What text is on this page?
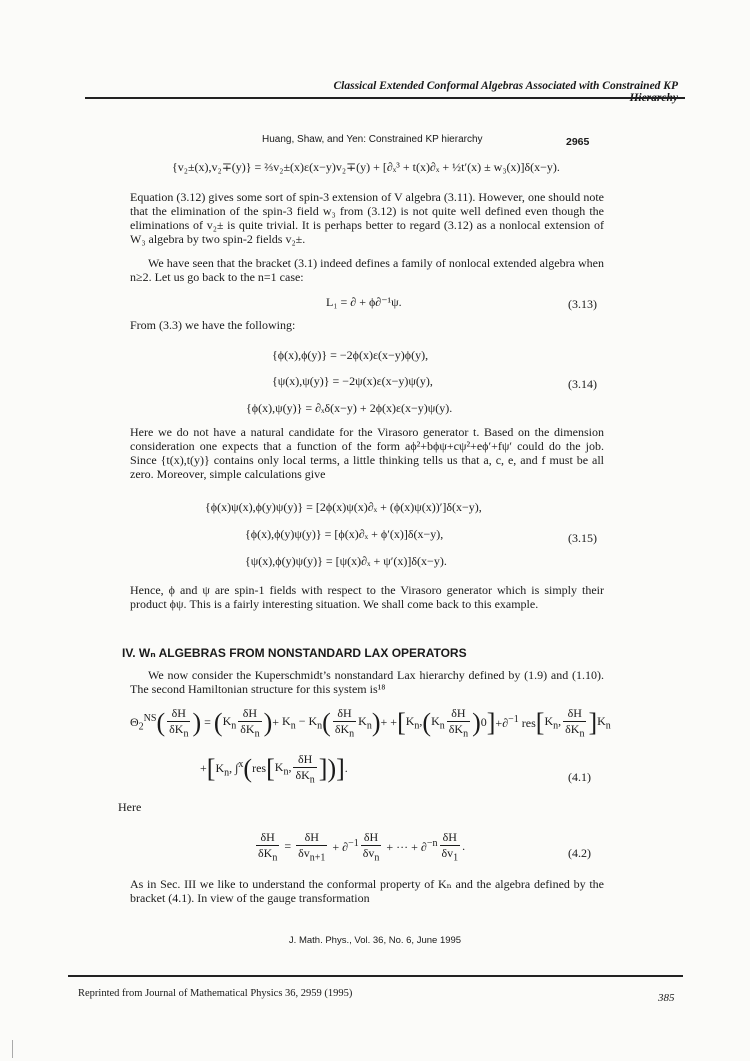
Classical Extended Conformal Algebras Associated with Constrained KP
Huang, Shaw, and Yen: Constrained KP hierarchy	2965
{v₂±(x),v₂∓(y)} = ⅔v₂±(x)ε(x−y)v₂∓(y) + [∂ₓ³ + t(x)∂ₓ + ½t′(x) ± w₃(x)]δ(x−y).
Equation (3.12) gives some sort of spin-3 extension of V algebra (3.11). However, one should note that the elimination of the spin-3 field w₃ from (3.12) is not quite well defined even though the eliminations of v₂± is quite trivial. It is perhaps better to regard (3.12) as a nonlocal extension of W₃ algebra by two spin-2 fields v₂±.
We have seen that the bracket (3.1) indeed defines a family of nonlocal extended algebra when n≥2. Let us go back to the n=1 case:
L₁ = ∂ + ϕ∂⁻¹ψ.	(3.13)
From (3.3) we have the following:
{ϕ(x),ϕ(y)} = −2ϕ(x)ε(x−y)ϕ(y),
{ψ(x),ψ(y)} = −2ψ(x)ε(x−y)ψ(y),
{ϕ(x),ψ(y)} = ∂ₓδ(x−y) + 2ϕ(x)ε(x−y)ψ(y).
(3.14)
Here we do not have a natural candidate for the Virasoro generator t. Based on the dimension consideration one expects that a function of the form aϕ²+bϕψ+cψ²+eϕ′+fψ′ could do the job. Since {t(x),t(y)} contains only local terms, a little thinking tells us that a, c, e, and f must be all zero. Moreover, simple calculations give
{ϕ(x)ψ(x),ϕ(y)ψ(y)} = [2ϕ(x)ψ(x)∂ₓ + (ϕ(x)ψ(x))′]δ(x−y),
{ϕ(x),ϕ(y)ψ(y)} = [ϕ(x)∂ₓ + ϕ′(x)]δ(x−y),
{ψ(x),ϕ(y)ψ(y)} = [ψ(x)∂ₓ + ψ′(x)]δ(x−y).
(3.15)
Hence, ϕ and ψ are spin-1 fields with respect to the Virasoro generator which is simply their product ϕψ. This is a fairly interesting situation. We shall come back to this example.
IV. Wₙ ALGEBRAS FROM NONSTANDARD LAX OPERATORS
We now consider the Kuperschmidt’s nonstandard Lax hierarchy defined by (1.9) and (1.10). The second Hamiltonian structure for this system is¹⁸
$\Theta_2^{NS}$ ( $\frac{\delta H}{\delta K_n}$ ) = ( $K_n \frac{\delta H}{\delta K_n}$ ) + $K_n - K_n$ ( $\frac{\delta H}{\delta K_n} K_n$ ) + + [ $K_n$, ( $K_n \frac{\delta H}{\delta K_n}$ ) 0 ] +∂$^{-1}$ res [ $K_n$, $\frac{\delta H}{\delta K_n}$ ] $K_n$
+ [ $K_n$, ∫$^x$ ( res [ $K_n$, $\frac{\delta H}{\delta K_n}$ ] ) ] .
(4.1)
Here
$\frac{\delta H}{\delta K_n} = \frac{\delta H}{\delta v_{n+1}} + \partial^{-1} \frac{\delta H}{\delta v_n}$ + ··· + $\partial^{-n} \frac{\delta H}{\delta v_1}$ .	(4.2)
As in Sec. III we like to understand the conformal property of Kₙ and the algebra defined by the bracket (4.1). In view of the gauge transformation
J. Math. Phys., Vol. 36, No. 6, June 1995
Reprinted from Journal of Mathematical Physics 36, 2959 (1995)	385
